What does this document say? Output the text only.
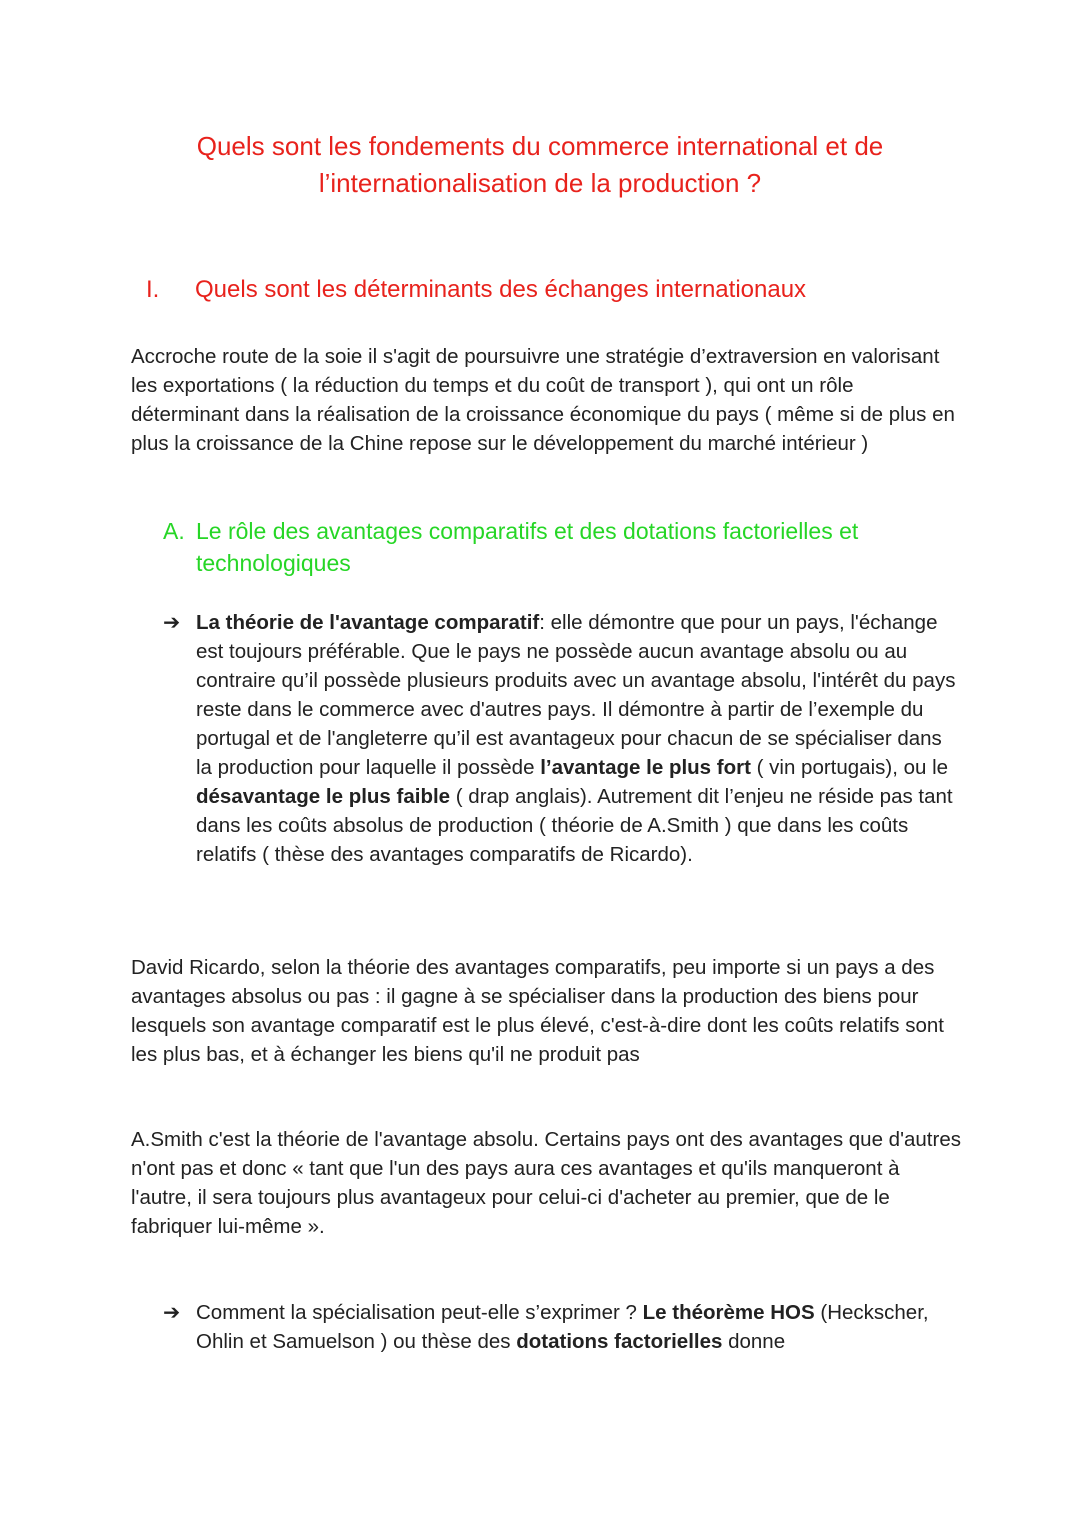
Quels sont les fondements du commerce international et de
l’internationalisation de la production ?
I. Quels sont les déterminants des échanges internationaux
Accroche route de la soie il s'agit de poursuivre une stratégie d’extraversion en valorisant les exportations ( la réduction du temps et du coût de transport ), qui ont un rôle déterminant dans la réalisation de la croissance économique du pays ( même si de plus en plus la croissance de la Chine repose sur le développement du marché intérieur )
A. Le rôle des avantages comparatifs et des dotations factorielles et technologiques
➔ La théorie de l'avantage comparatif: elle démontre que pour un pays, l'échange est toujours préférable. Que le pays ne possède aucun avantage absolu ou au contraire qu’il possède plusieurs produits avec un avantage absolu, l'intérêt du pays reste dans le commerce avec d'autres pays. Il démontre à partir de l’exemple du portugal et de l'angleterre qu’il est avantageux pour chacun de se spécialiser dans la production pour laquelle il possède l’avantage le plus fort ( vin portugais), ou le désavantage le plus faible ( drap anglais). Autrement dit l’enjeu ne réside pas tant dans les coûts absolus de production ( théorie de A.Smith ) que dans les coûts relatifs ( thèse des avantages comparatifs de Ricardo).
David Ricardo, selon la théorie des avantages comparatifs, peu importe si un pays a des avantages absolus ou pas : il gagne à se spécialiser dans la production des biens pour lesquels son avantage comparatif est le plus élevé, c'est-à-dire dont les coûts relatifs sont les plus bas, et à échanger les biens qu'il ne produit pas
A.Smith c'est la théorie de l'avantage absolu. Certains pays ont des avantages que d'autres n'ont pas et donc « tant que l'un des pays aura ces avantages et qu'ils manqueront à l'autre, il sera toujours plus avantageux pour celui-ci d'acheter au premier, que de le fabriquer lui-même ».
➔ Comment la spécialisation peut-elle s’exprimer ? Le théorème HOS (Heckscher, Ohlin et Samuelson ) ou thèse des dotations factorielles donne
